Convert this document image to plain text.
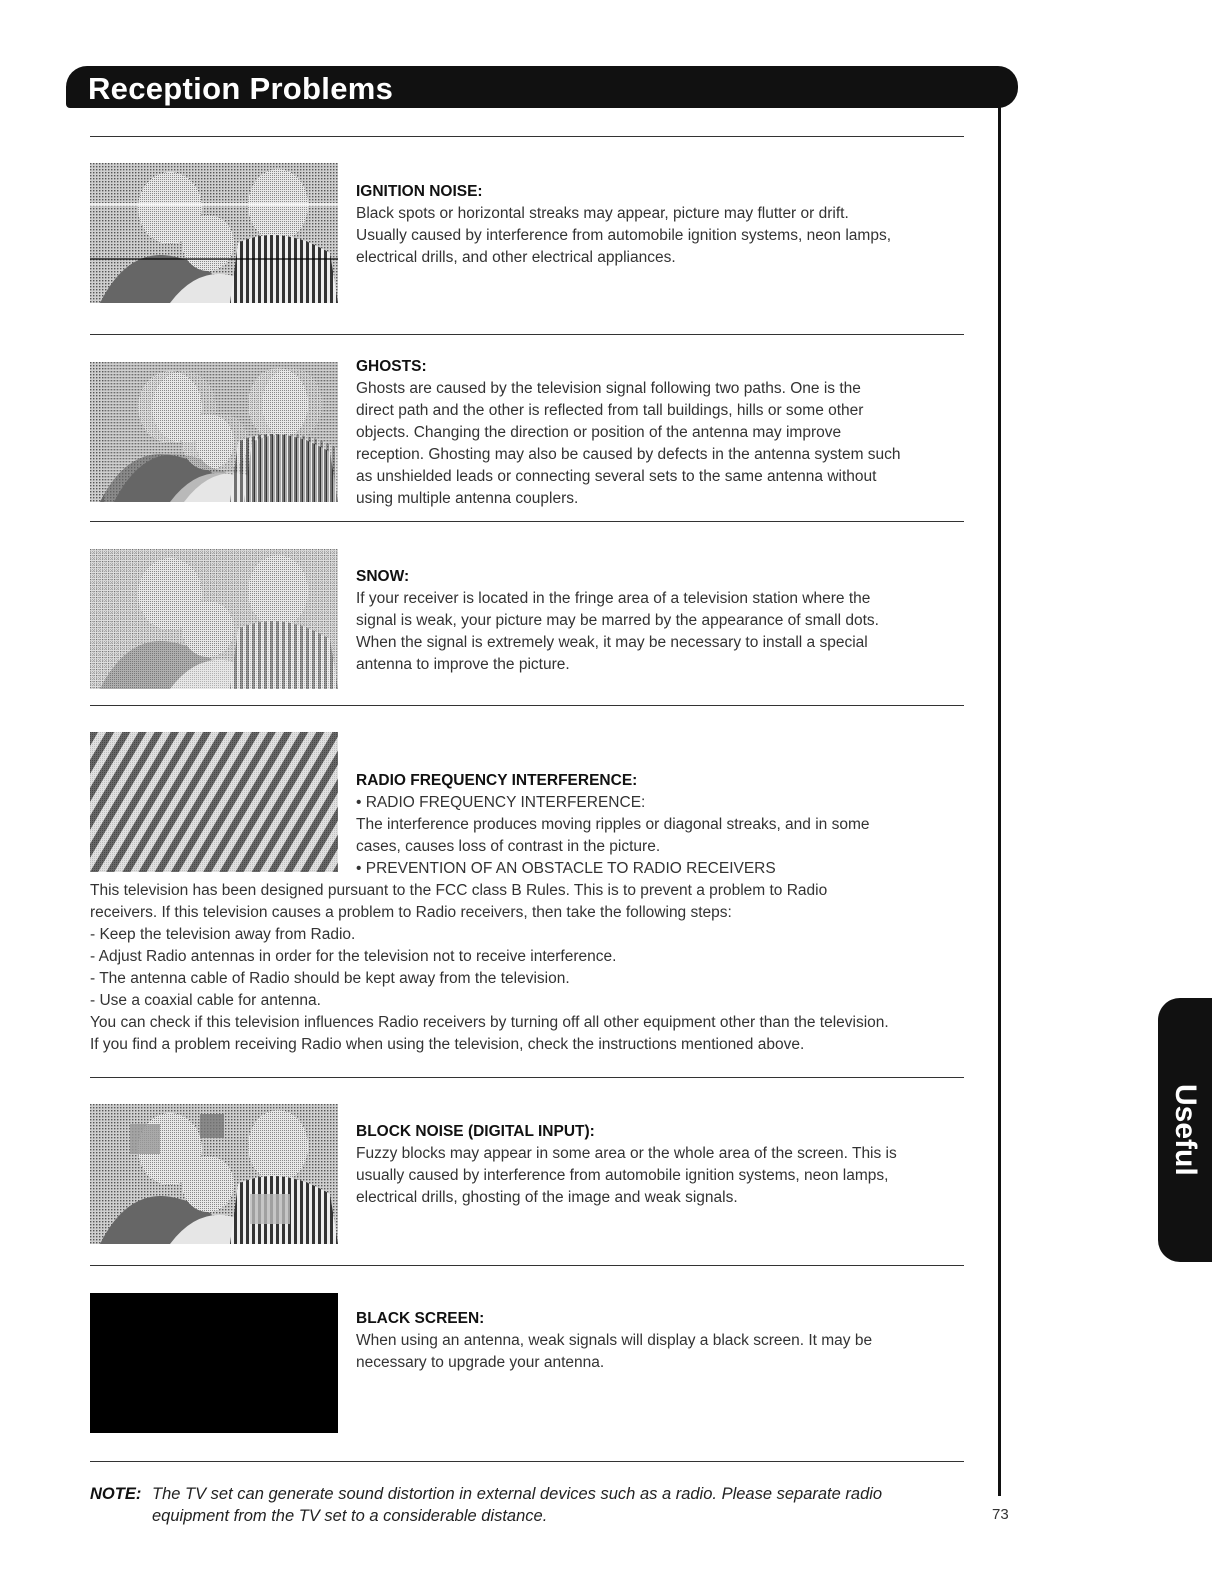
Reception Problems
Useful Information

IGNITION NOISE:

Black spots or horizontal streaks may appear, picture may flutter or drift.

Usually caused by interference from automobile ignition systems, neon lamps,

electrical drills, and other electrical appliances.

GHOSTS:

Ghosts are caused by the television signal following two paths. One is the

direct path and the other is reflected from tall buildings, hills or some other

objects. Changing the direction or position of the antenna may improve

reception. Ghosting may also be caused by defects in the antenna system such

as unshielded leads or connecting several sets to the same antenna without

using multiple antenna couplers.

SNOW:

If your receiver is located in the fringe area of a television station where the

signal is weak, your picture may be marred by the appearance of small dots.

When the signal is extremely weak, it may be necessary to install a special

antenna to improve the picture.

RADIO FREQUENCY INTERFERENCE:

• RADIO FREQUENCY INTERFERENCE:

The interference produces moving ripples or diagonal streaks, and in some

cases, causes loss of contrast in the picture.

• PREVENTION OF AN OBSTACLE TO RADIO RECEIVERS

This television has been designed pursuant to the FCC class B Rules. This is to prevent a problem to Radio

receivers. If this television causes a problem to Radio receivers, then take the following steps:

- Keep the television away from Radio.

- Adjust Radio antennas in order for the television not to receive interference.

- The antenna cable of Radio should be kept away from the television.

- Use a coaxial cable for antenna.

You can check if this television influences Radio receivers by turning off all other equipment other than the television.

If you find a problem receiving Radio when using the television, check the instructions mentioned above.

BLOCK NOISE (DIGITAL INPUT):

Fuzzy blocks may appear in some area or the whole area of the screen. This is

usually caused by interference from automobile ignition systems, neon lamps,

electrical drills, ghosting of the image and weak signals.

BLACK SCREEN:

When using an antenna, weak signals will display a black screen. It may be

necessary to upgrade your antenna.

NOTE: The TV set can generate sound distortion in external devices such as a radio. Please separate radio
equipment from the TV set to a considerable distance.	73
